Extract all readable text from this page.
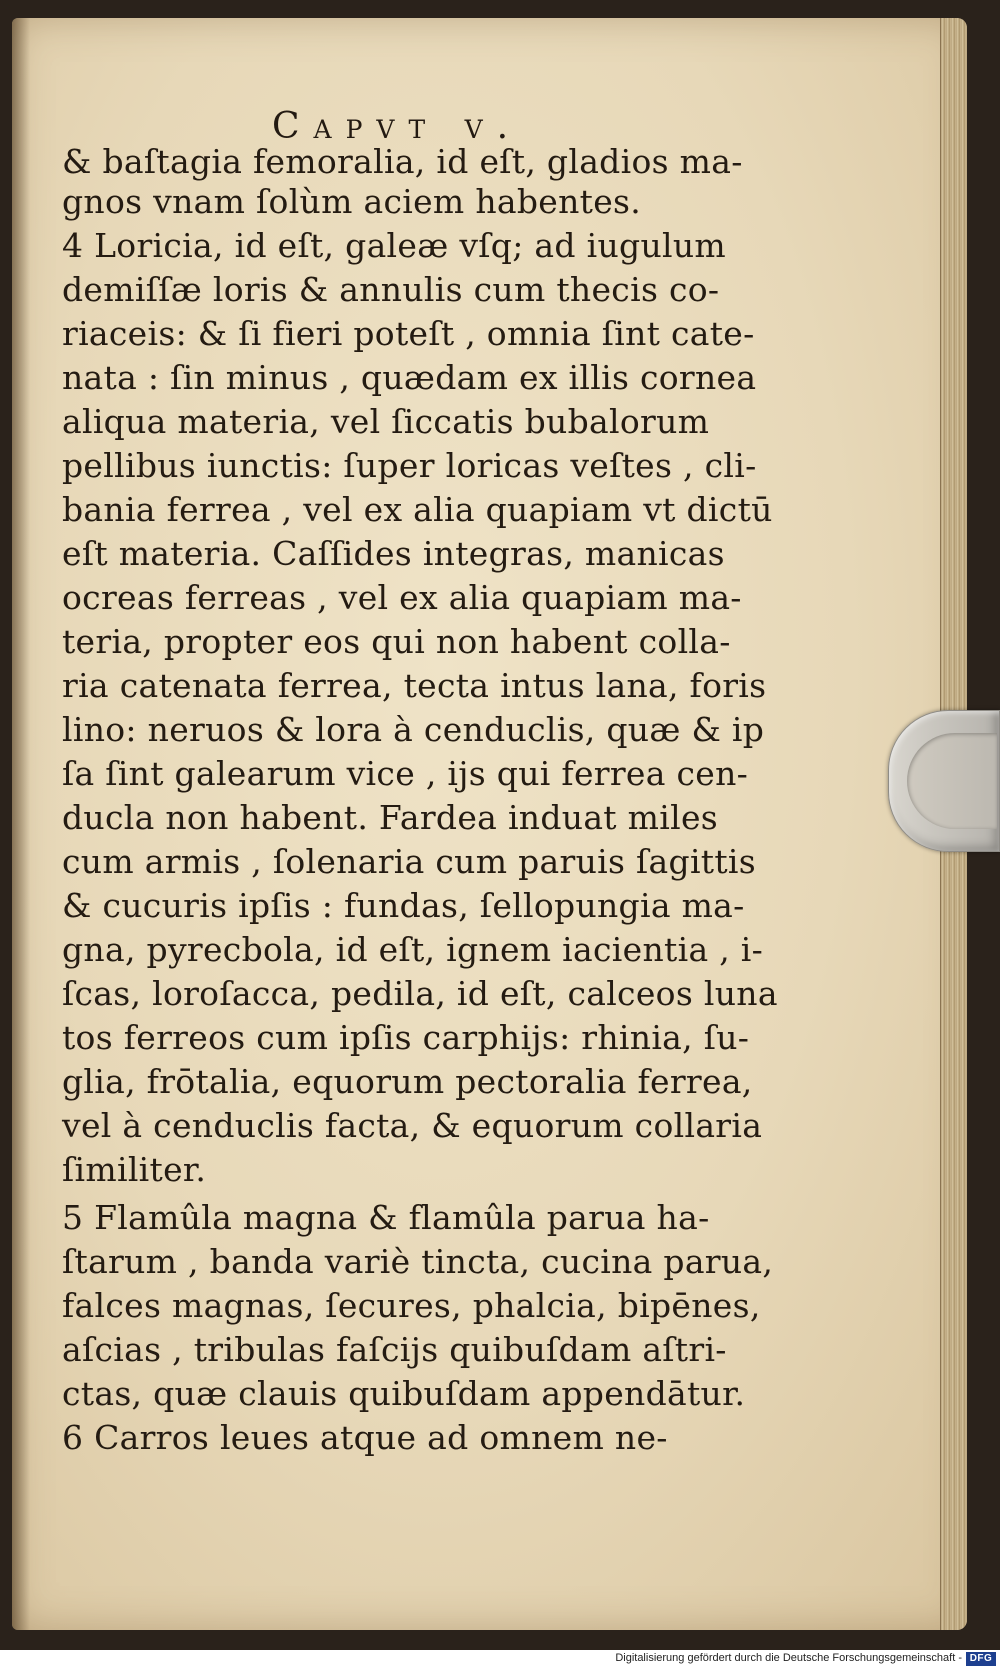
Capvt v.
& baſtagia femoralia, id eſt, gladios ma-
gnos vnam ſolùm aciem habentes.
4 Loricia, id eſt, galeæ vſq; ad iugulum
demiſſæ loris & annulis cum thecis co-
riaceis: & ſi fieri poteſt , omnia ſint cate-
nata : ſin minus , quædam ex illis cornea
aliqua materia, vel ſiccatis bubalorum
pellibus iunctis: ſuper loricas veſtes , cli-
bania ferrea , vel ex alia quapiam vt dictū
eſt materia. Caſſides integras, manicas
ocreas ferreas , vel ex alia quapiam ma-
teria, propter eos qui non habent colla-
ria catenata ferrea, tecta intus lana, foris
lino: neruos & lora à cenduclis, quæ & ip
ſa ſint galearum vice , ijs qui ferrea cen-
ducla non habent. Fardea induat miles
cum armis , ſolenaria cum paruis ſagittis
& cucuris ipſis : fundas, ſellopungia ma-
gna, pyrecbola, id eſt, ignem iacientia , i-
ſcas, loroſacca, pedila, id eſt, calceos luna
tos ferreos cum ipſis carphijs: rhinia, ſu-
glia, frōtalia, equorum pectoralia ferrea,
vel à cenduclis facta, & equorum collaria
ſimiliter.
5 Flamûla magna & flamûla parua ha-
ſtarum , banda variè tincta, cucina parua,
falces magnas, ſecures, phalcia, bipēnes,
aſcias , tribulas faſcijs quibuſdam aſtri-
ctas, quæ clauis quibuſdam appendātur.
6 Carros leues atque ad omnem ne-
Digitalisierung gefördert durch die Deutsche Forschungsgemeinschaft - DFG
